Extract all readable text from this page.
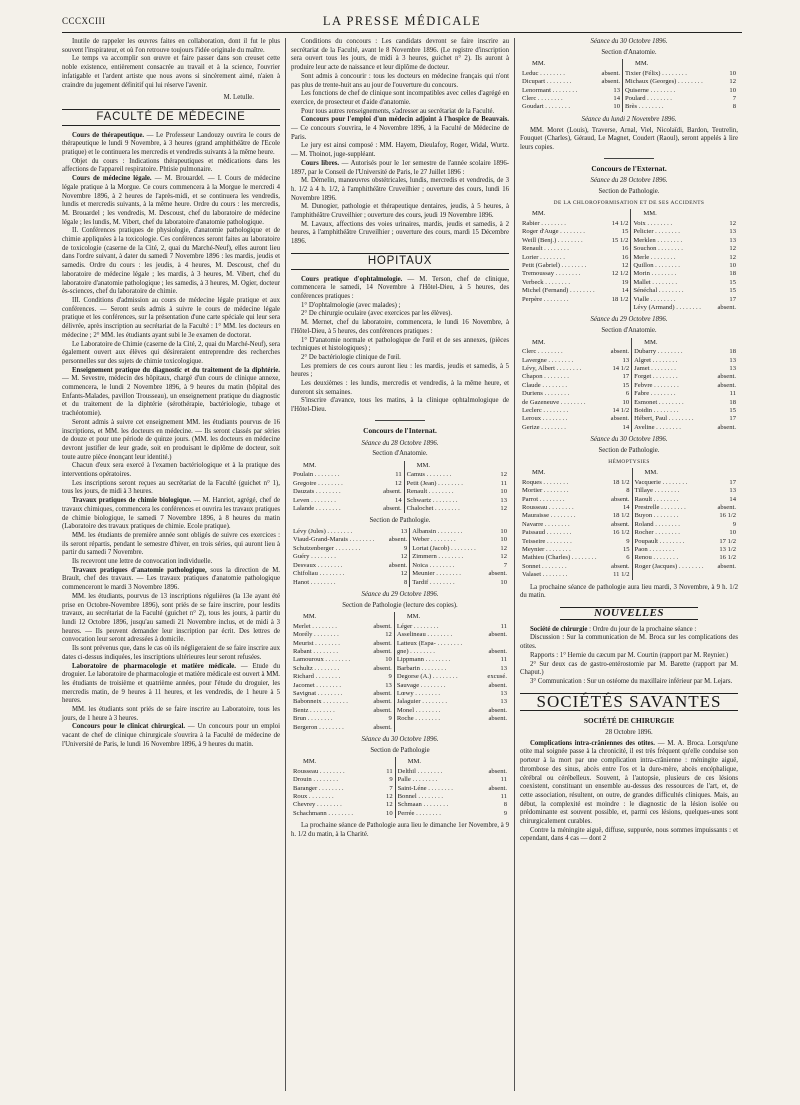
CCCXCIII	LA PRESSE MÉDICALE

Inutile de rappeler les œuvres faites en collaboration, dont il fut le plus souvent l'inspirateur, et où l'on retrouve toujours l'idée originale du maître.

Le temps va accomplir son œuvre et faire passer dans son creuset cette noble existence, entièrement consacrée au travail et à la science, l'ouvrier infatigable et l'ardent artiste que nous avons si sincèrement aimé, n'aien à craindre du jugement définitif qui lui réserve l'avenir.

M. Letulle.
FACULTÉ DE MÉDECINE

Cours de thérapeutique. — Le Professeur Landouzy ouvrira le cours de thérapeutique le lundi 9 Novembre, à 3 heures (grand amphithéâtre de l'Ecole pratique) et le continuera les mercredis et vendredis suivants à la même heure.

Objet du cours : Indications thérapeutiques et médications dans les affections de l'appareil respiratoire. Phtisie pulmonaire.

Cours de médecine légale. — M. Brouardel. — I. Cours de médecine légale pratique à la Morgue. Ce cours commencera à la Morgue le mercredi 4 Novembre 1896, à 2 heures de l'après-midi, et se continuera les vendredis, lundis et mercredis suivants, à la même heure. Ordre du cours : les mercredis, M. Brouardel ; les vendredis, M. Descoust, chef du laboratoire de médecine légale ; les lundis, M. Vibert, chef du laboratoire d'anatomie pathologique.

II. Conférences pratiques de physiologie, d'anatomie pathologique et de chimie appliquées à la toxicologie. Ces conférences seront faites au laboratoire de toxicologie (caserne de la Cité, 2, quai du Marché-Neuf), elles auront lieu dans l'ordre suivant, à dater du samedi 7 Novembre 1896 : les mardis, jeudis et samedis. Ordre du cours : les jeudis, à 4 heures, M. Descoust, chef du laboratoire de médecine légale ; les mardis, à 3 heures, M. Vibert, chef du laboratoire d'anatomie pathologique ; les samedis, à 3 heures, M. Ogier, docteur ès-sciences, chef du laboratoire de chimie.

III. Conditions d'admission au cours de médecine légale pratique et aux conférences. — Seront seuls admis à suivre le cours de médecine légale pratique et les conférences, sur la présentation d'une carte spéciale qui leur sera délivrée, après inscription au secrétariat de la Faculté : 1° MM. les docteurs en médecine ; 2° MM. les étudiants ayant subi le 3e examen de doctorat.

Le Laboratoire de Chimie (caserne de la Cité, 2, quai du Marché-Neuf), sera également ouvert aux élèves qui désireraient entreprendre des recherches personnelles sur des sujets de chimie toxicologique.

Enseignement pratique du diagnostic et du traitement de la diphtérie. — M. Sevestre, médecin des hôpitaux, chargé d'un cours de clinique annexe, commencera, le lundi 2 Novembre 1896, à 9 heures du matin (hôpital des Enfants-Malades, pavillon Trousseau), un enseignement pratique du diagnostic et du traitement de la diphtérie (sérothérapie, bactériologie, tubage et trachéotomie).

Seront admis à suivre cet enseignement MM. les étudiants pourvus de 16 inscriptions, et MM. les docteurs en médecine. — Ils seront classés par séries de douze et pour une période de quinze jours. (MM. les docteurs en médecine devront justifier de leur grade, soit en produisant le diplôme de docteur, soit toute autre pièce énonçant leur identité.)

Chacun d'eux sera exercé à l'examen bactériologique et à la pratique des interventions opératoires.

Les inscriptions seront reçues au secrétariat de la Faculté (guichet n° 1), tous les jours, de midi à 3 heures.

Travaux pratiques de chimie biologique. — M. Hanriot, agrégé, chef de travaux chimiques, commencera les conférences et ouvrira les travaux pratiques de chimie biologique, le samedi 7 Novembre 1896, à 8 heures du matin (Laboratoire des travaux pratiques de chimie. Ecole pratique).

MM. les étudiants de première année sont obligés de suivre ces exercices : ils seront répartis, pendant le semestre d'hiver, en trois séries, qui auront lieu à partir du samedi 7 Novembre.

Ils recevront une lettre de convocation individuelle.

Travaux pratiques d'anatomie pathologique, sous la direction de M. Brault, chef des travaux. — Les travaux pratiques d'anatomie pathologique commenceront le mardi 3 Novembre 1896.

MM. les étudiants, pourvus de 13 inscriptions régulières (la 13e ayant été prise en Octobre-Novembre 1896), sont priés de se faire inscrire, pour lesdits travaux, au secrétariat de la Faculté (guichet n° 2), tous les jours, à partir du lundi 12 Octobre 1896, jusqu'au samedi 21 Novembre inclus, et de midi à 3 heures. — Ils peuvent demander leur inscription par écrit. Des lettres de convocation leur seront adressées à domicile.

Ils sont prévenus que, dans le cas où ils négligeraient de se faire inscrire aux dates ci-dessus indiquées, les inscriptions ultérieures leur seront refusées.

Laboratoire de pharmacologie et matière médicale. — Etude du droguier. Le laboratoire de pharmacologie et matière médicale est ouvert à MM. les étudiants de troisième et quatrième années, pour l'étude du droguier, les mercredis matin, de 9 heures à 11 heures, et les vendredis, de 1 heure à 5 heures.

MM. les étudiants sont priés de se faire inscrire au Laboratoire, tous les jours, de 1 heure à 3 heures.

Concours pour le clinicat chirurgical. — Un concours pour un emploi vacant de chef de clinique chirurgicale s'ouvrira à la Faculté de médecine de l'Université de Paris, le lundi 16 Novembre 1896, à 9 heures du matin.

Conditions du concours : Les candidats devront se faire inscrire au secrétariat de la Faculté, avant le 8 Novembre 1896. (Le registre d'inscription sera ouvert tous les jours, de midi à 3 heures, guichet n° 2). Ils auront à produire leur acte de naissance et leur diplôme de docteur.

Sont admis à concourir : tous les docteurs en médecine français qui n'ont pas plus de trente-huit ans au jour de l'ouverture du concours.

Les fonctions de chef de clinique sont incompatibles avec celles d'agrégé en exercice, de prosecteur et d'aide d'anatomie.

Pour tous autres renseignements, s'adresser au secrétariat de la Faculté.

Concours pour l'emploi d'un médecin adjoint à l'hospice de Beauvais. — Ce concours s'ouvrira, le 4 Novembre 1896, à la Faculté de Médecine de Paris.

Le jury est ainsi composé : MM. Hayem, Dieulafoy, Roger, Widal, Wurtz. — M. Thoinot, juge-suppléant.

Cours libres. — Autorisés pour le 1er semestre de l'année scolaire 1896-1897, par le Conseil de l'Université de Paris, le 27 Juillet 1896 :

M. Démelin, manœuvres obstétricales, lundis, mercredis et vendredis, de 3 h. 1/2 à 4 h. 1/2, à l'amphithéâtre Cruveilhier ; ouverture des cours, lundi 16 Novembre 1896.

M. Dunogier, pathologie et thérapeutique dentaires, jeudis, à 5 heures, à l'amphithéâtre Cruveilhier ; ouverture des cours, jeudi 19 Novembre 1896.

M. Lavaux, affections des voies urinaires, mardis, jeudis et samedis, à 2 heures, à l'amphithéâtre Cruveilhier ; ouverture des cours, mardi 15 Décembre 1896.

HOPITAUX

Cours pratique d'ophtalmologie. — M. Terson, chef de clinique, commencera le samedi, 14 Novembre à l'Hôtel-Dieu, à 5 heures, des conférences pratiques :

1° D'ophtalmologie (avec malades) ;

2° De chirurgie oculaire (avec exercices par les élèves).

M. Mernet, chef du laboratoire, commencera, le lundi 16 Novembre, à l'Hôtel-Dieu, à 5 heures, des conférences pratiques :

1° D'anatomie normale et pathologique de l'œil et de ses annexes, (pièces techniques et histologiques) ;

2° De bactériologie clinique de l'œil.

Les premiers de ces cours auront lieu : les mardis, jeudis et samedis, à 5 heures ;

Les deuxièmes : les lundis, mercredis et vendredis, à la même heure, et dureront six semaines.

S'inscrire d'avance, tous les matins, à la clinique ophtalmologique de l'Hôtel-Dieu.

Concours de l'Internat.
Séance du 28 Octobre 1896.
Section d'Anatomie.
MM.		MM.	
Poulain . . . . . . . .	11		Camus . . . . . . . .	12
Gregoire . . . . . . . .	12		Petit (Jean) . . . . . . . .	11
Dauzats . . . . . . . .	absent.		Renault . . . . . . . .	10
Leven . . . . . . . .	14		Schwartz . . . . . . . .	13
Lalande . . . . . . . .	absent.		Chalochet . . . . . . . .	12
Section de Pathologie.
Lévy (Jules) . . . . . . . .	13		Albansin . . . . . . . .	10
Viaud-Grand-Marais . . . . . . . .	absent.		Weber . . . . . . . .	10
Schutzenberger . . . . . . . .	9		Lortat (Jacob) . . . . . . . .	12
Guéry . . . . . . . .	12		Zimmern . . . . . . . .	12
Desvaux . . . . . . . .	absent.		Noica . . . . . . . .	7
Chifoliau . . . . . . . .	12		Meunier . . . . . . . .	absent.
Hanot . . . . . . . .	8		Tardif . . . . . . . .	10
Séance du 29 Octobre 1896.
Section de Pathologie (lecture des copies).
MM.		MM.	
Merlet . . . . . . . .	absent.		Léger . . . . . . . .	11
Morély . . . . . . . .	12		Asselineau . . . . . . . .	absent.
Meurist . . . . . . . .	absent.		Latteux (Espa- . . . . . . . .	
Rabant . . . . . . . .	absent.		gne) . . . . . . . .	absent.
Lamouroux . . . . . . . .	10		Lippmann . . . . . . . .	11
Schultz . . . . . . . .	absent.		Barbarin . . . . . . . .	13
Richard . . . . . . . .	9		Degorse (A.) . . . . . . . .	excusé.
Jacomet . . . . . . . .	13		Sauvage . . . . . . . .	absent.
Savignat . . . . . . . .	absent.		Lœwy . . . . . . . .	13
Babonneix . . . . . . . .	absent.		Jalaguier . . . . . . . .	13
Bentz . . . . . . . .	absent.		Monel . . . . . . . .	absent.
Brun . . . . . . . .	9		Roche . . . . . . . .	absent.
Bergeron . . . . . . . .	absent.			
Séance du 30 Octobre 1896.
Section de Pathologie
MM.		MM.	
Rousseau . . . . . . . .	11		Delthil . . . . . . . .	absent.
Drouin . . . . . . . .	9		Palle . . . . . . . .	11
Baranger . . . . . . . .	7		Saint-Léne . . . . . . . .	absent.
Roux . . . . . . . .	12		Bonnel . . . . . . . .	11
Chevrey . . . . . . . .	12		Schmaan . . . . . . . .	8
Schachmann . . . . . . . .	10		Perrée . . . . . . . .	9

La prochaine séance de Pathologie aura lieu le dimanche 1er Novembre, à 9 h. 1/2 du matin, à la Charité.

Séance du 30 Octobre 1896.
Section d'Anatomie.
MM.		MM.	
Leduc . . . . . . . .	absent.		Tixier (Félix) . . . . . . . .	10
Dicupart . . . . . . . .	absent.		Michaux (Georges) . . . . . . . .	12
Lenormant . . . . . . . .	13		Quiserne . . . . . . . .	10
Clerc . . . . . . . .	14		Poulard . . . . . . . .	7
Goudart . . . . . . . .	10		Brès . . . . . . . .	8
Séance du lundi 2 Novembre 1896.

MM. Moret (Louis), Traverse, Arnal, Viel, Nicolaïdi, Bardon, Teutrelin, Fouquet (Charles), Géraud, Le Magnet, Coudert (Raoul), seront appelés à lire leurs copies.

Concours de l'Externat.
Séance du 28 Octobre 1896.
Section de Pathologie.
DE LA CHLOROFORMISATION ET DE SES ACCIDENTS
MM.		MM.	
Rabier . . . . . . . .	14 1/2		Voix . . . . . . . .	12
Roger d'Auge . . . . . . . .	15		Pelicier . . . . . . . .	13
Weill (Benj.) . . . . . . . .	15 1/2		Merklen . . . . . . . .	13
Renault . . . . . . . .	16		Souchon . . . . . . . .	12
Lorier . . . . . . . .	16		Merle . . . . . . . .	12
Petit (Gabriel) . . . . . . . .	12		Quillon . . . . . . . .	10
Tremoussay . . . . . . . .	12 1/2		Morin . . . . . . . .	18
Verbeck . . . . . . . .	19		Mallet . . . . . . . .	15
Michel (Fernand) . . . . . . . .	14		Sénéchal . . . . . . . .	15
Perpère . . . . . . . .	18 1/2		Vialle . . . . . . . .	17
			Lévy (Armand) . . . . . . . .	absent.
Séance du 29 Octobre 1896.
Section d'Anatomie.
MM.		MM.	
Clerc . . . . . . . .	absent.		Dubarry . . . . . . . .	18
Lavergne . . . . . . . .	13		Algret . . . . . . . .	13
Lévy, Albert . . . . . . . .	14 1/2		Jamet . . . . . . . .	13
Chapon . . . . . . . .	17		Forget . . . . . . . .	absent.
Claude . . . . . . . .	15		Febvre . . . . . . . .	absent.
Duriens . . . . . . . .	6		Fabre . . . . . . . .	11
de Gazeneuve . . . . . . . .	10		Esmonet . . . . . . . .	18
Leclerc . . . . . . . .	14 1/2		Boidin . . . . . . . .	15
Leroux . . . . . . . .	absent.		Hébert, Paul . . . . . . . .	17
Gerize . . . . . . . .	14		Aveline . . . . . . . .	absent.
Séance du 30 Octobre 1896.
Section de Pathologie.
HÉMOPTYSIES
MM.		MM.	
Roques . . . . . . . .	18 1/2		Vacquerie . . . . . . . .	17
Mortier . . . . . . . .	8		Tillaye . . . . . . . .	13
Parrot . . . . . . . .	absent.		Raoult . . . . . . . .	14
Rousseau . . . . . . . .	14		Prestrelle . . . . . . . .	absent.
Mauraisse . . . . . . . .	18 1/2		Buyon . . . . . . . .	16 1/2
Navarre . . . . . . . .	absent.		Roland . . . . . . . .	9
Paissaud . . . . . . . .	16 1/2		Rocher . . . . . . . .	10
Teisseire . . . . . . . .	9		Poupault . . . . . . . .	17 1/2
Meynier . . . . . . . .	15		Paon . . . . . . . .	13 1/2
Mathieu (Charles) . . . . . . . .	6		Renou . . . . . . . .	16 1/2
Sonnet . . . . . . . .	absent.		Roger (Jacques) . . . . . . . .	absent.
Valaset . . . . . . . .	11 1/2			

La prochaine séance de pathologie aura lieu mardi, 3 Novembre, à 9 h. 1/2 du matin.

NOUVELLES

Société de chirurgie : Ordre du jour de la prochaine séance :

Discussion : Sur la communication de M. Broca sur les complications des otites.

Rapports : 1° Hernie du cæcum par M. Courtin (rapport par M. Reynier.)

2° Sur deux cas de gastro-entérostomie par M. Barette (rapport par M. Chaput.)

3° Communication : Sur un ostéome du maxillaire inférieur par M. Lejars.

SOCIÉTÉS SAVANTES
SOCIÉTÉ DE CHIRURGIE
28 Octobre 1896.

Complications intra-crâniennes des otites. — M. A. Broca. Lorsqu'une otite mal soignée passe à la chronicité, il est très fréquent qu'elle conduise son porteur à la mort par une complication intra-crânienne : méningite aiguë, thrombose des sinus, abcès entre l'os et la dure-mère, abcès encéphalique, cérébral ou cérébelleux. Souvent, à l'autopsie, plusieurs de ces lésions coexistent, constituant un ensemble au-dessus des ressources de l'art, et, de cette association, résultent, on outre, de grandes difficultés cliniques. Mais, au début, la complexité est moindre : le diagnostic de la lésion isolée ou prédominante est souvent possible, et, parmi ces lésions, quelques-unes sont chirurgicalement curables.

Contre la méningite aiguë, diffuse, suppurée, nous sommes impuissants : et cependant, dans 4 cas — dont 2
